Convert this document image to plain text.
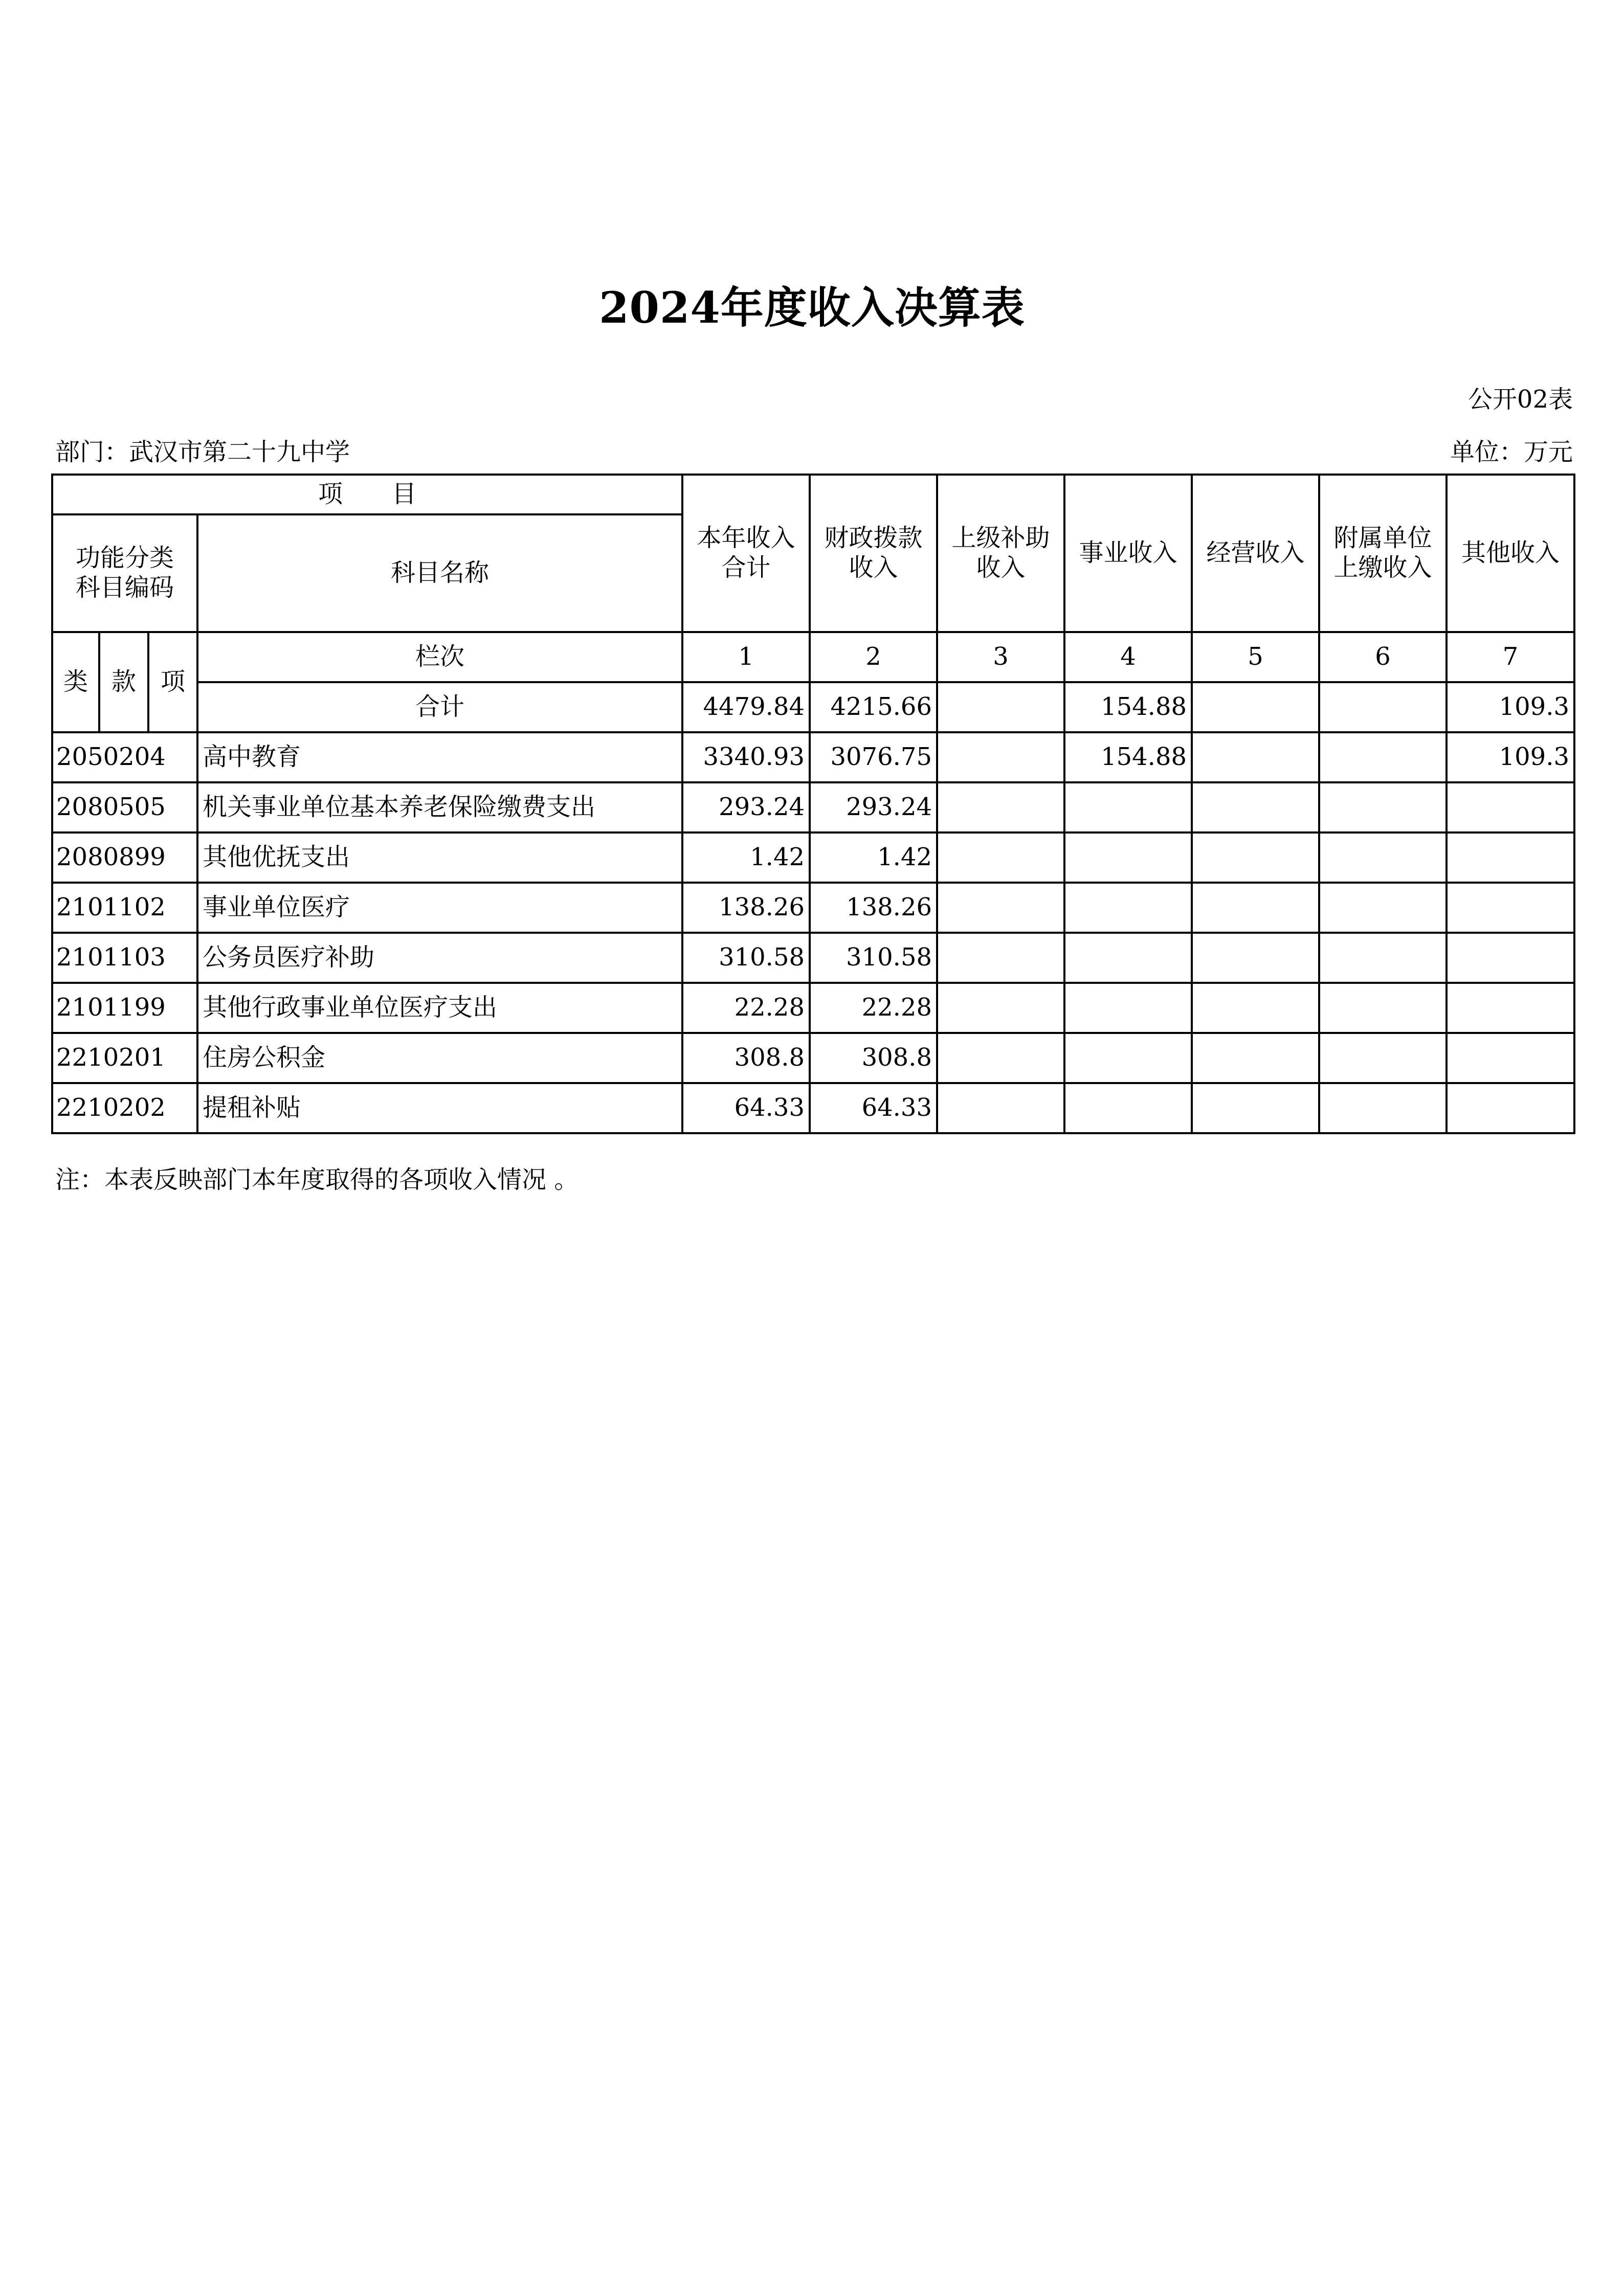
2024年度收入决算表
公开02表
部门：武汉市第二十九中学	单位：万元
项　　目				本年收入合计	财政拨款收入	上级补助收入	事业收入	经营收入	附属单位上缴收入	其他收入
功能分类科目编码			科目名称							
类	款	项	栏次	1	2	3	4	5	6	7
			合计	4479.84	4215.66		154.88			109.3
2050204			高中教育	3340.93	3076.75		154.88			109.3
2080505			机关事业单位基本养老保险缴费支出	293.24	293.24					
2080899			其他优抚支出	1.42	1.42					
2101102			事业单位医疗	138.26	138.26					
2101103			公务员医疗补助	310.58	310.58					
2101199			其他行政事业单位医疗支出	22.28	22.28					
2210201			住房公积金	308.8	308.8					
2210202			提租补贴	64.33	64.33					
注：本表反映部门本年度取得的各项收入情况 。
